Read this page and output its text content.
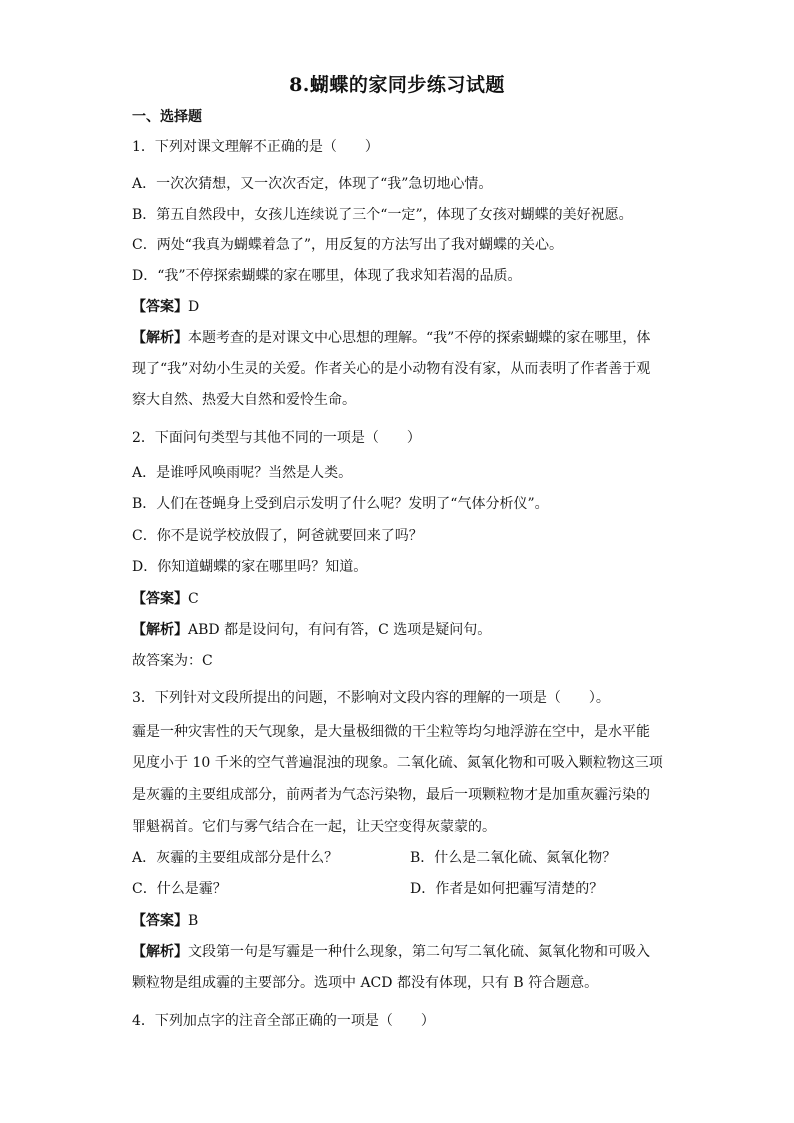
8.蝴蝶的家同步练习试题
一、选择题
1．下列对课文理解不正确的是（　　）
A．一次次猜想，又一次次否定，体现了“我”急切地心情。
B．第五自然段中，女孩儿连续说了三个“一定”，体现了女孩对蝴蝶的美好祝愿。
C．两处“我真为蝴蝶着急了”，用反复的方法写出了我对蝴蝶的关心。
D．“我”不停探索蝴蝶的家在哪里，体现了我求知若渴的品质。
【答案】D
【解析】本题考查的是对课文中心思想的理解。“我”不停的探索蝴蝶的家在哪里，体
现了“我”对幼小生灵的关爱。作者关心的是小动物有没有家，从而表明了作者善于观
察大自然、热爱大自然和爱怜生命。
2．下面问句类型与其他不同的一项是（　　）
A．是谁呼风唤雨呢？当然是人类。
B．人们在苍蝇身上受到启示发明了什么呢？发明了“气体分析仪”。
C．你不是说学校放假了，阿爸就要回来了吗？
D．你知道蝴蝶的家在哪里吗？知道。
【答案】C
【解析】ABD 都是设问句，有问有答，C 选项是疑问句。
故答案为：C
3．下列针对文段所提出的问题，不影响对文段内容的理解的一项是（　　）。
霾是一种灾害性的天气现象，是大量极细微的干尘粒等均匀地浮游在空中，是水平能
见度小于 10 千米的空气普遍混浊的现象。二氧化硫、氮氧化物和可吸入颗粒物这三项
是灰霾的主要组成部分，前两者为气态污染物，最后一项颗粒物才是加重灰霾污染的
罪魁祸首。它们与雾气结合在一起，让天空变得灰蒙蒙的。
A．灰霾的主要组成部分是什么？	B．什么是二氧化硫、氮氧化物？
C．什么是霾？	D．作者是如何把霾写清楚的？
【答案】B
【解析】文段第一句是写霾是一种什么现象，第二句写二氧化硫、氮氧化物和可吸入
颗粒物是组成霾的主要部分。选项中 ACD 都没有体现，只有 B 符合题意。
4．下列加点字的注音全部正确的一项是（　　）
